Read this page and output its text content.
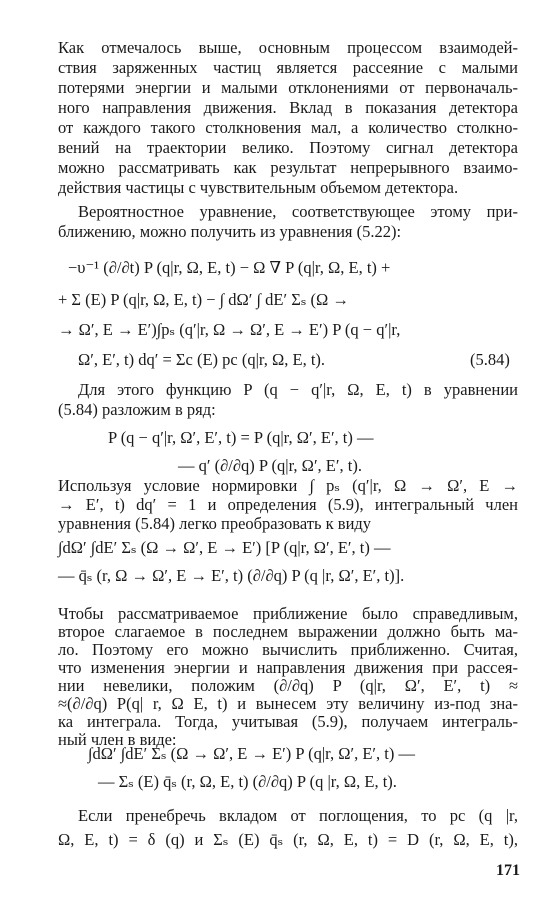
Как отмечалось выше, основным процессом взаимодей-
ствия заряженных частиц является рассеяние с малыми
потерями энергии и малыми отклонениями от первоначаль-
ного направления движения. Вклад в показания детектора
от каждого такого столкновения мал, а количество столкно-
вений на траектории велико. Поэтому сигнал детектора
можно рассматривать как результат непрерывного взаимо-
действия частицы с чувствительным объемом детектора.
Вероятностное уравнение, соответствующее этому при-
ближению, можно получить из уравнения (5.22):
−υ⁻¹ (∂/∂t) P (q|r, Ω, E, t) − Ω ∇ P (q|r, Ω, E, t) +
+ Σ (E) P (q|r, Ω, E, t) − ∫ dΩ′ ∫ dE′ Σₛ (Ω →
→ Ω′, E → E′)∫pₛ (q′|r, Ω → Ω′, E → E′) P (q − q′|r,
Ω′, E′, t) dq′ = Σc (E) pc (q|r, Ω, E, t).	(5.84)
Для этого функцию P (q − q′|r, Ω, E, t) в уравнении
(5.84) разложим в ряд:
P (q − q′|r, Ω′, E′, t) = P (q|r, Ω′, E′, t) —
— q′ (∂/∂q) P (q|r, Ω′, E′, t).
Используя условие нормировки ∫ pₛ (q′|r, Ω → Ω′, E →
→ E′, t) dq′ = 1 и определения (5.9), интегральный член
уравнения (5.84) легко преобразовать к виду
∫dΩ′ ∫dE′ Σₛ (Ω → Ω′, E → E′) [P (q|r, Ω′, E′, t) —
— q̄ₛ (r, Ω → Ω′, E → E′, t) (∂/∂q) P (q |r, Ω′, E′, t)].
Чтобы рассматриваемое приближение было справедливым,
второе слагаемое в последнем выражении должно быть ма-
ло. Поэтому его можно вычислить приближенно. Считая,
что изменения энергии и направления движения при рассея-
нии невелики, положим (∂/∂q) P (q|r, Ω′, E′, t) ≈
≈(∂/∂q) P(q| r, Ω E, t) и вынесем эту величину из-под зна-
ка интеграла. Тогда, учитывая (5.9), получаем интеграль-
ный член в виде:
∫dΩ′ ∫dE′ Σₛ (Ω → Ω′, E → E′) P (q|r, Ω′, E′, t) —
— Σₛ (E) q̄ₛ (r, Ω, E, t) (∂/∂q) P (q |r, Ω, E, t).
171
Если пренебречь вкладом от поглощения, то pc (q |r,
Ω, E, t) = δ (q) и Σₛ (E) q̄ₛ (r, Ω, E, t) = D (r, Ω, E, t),
